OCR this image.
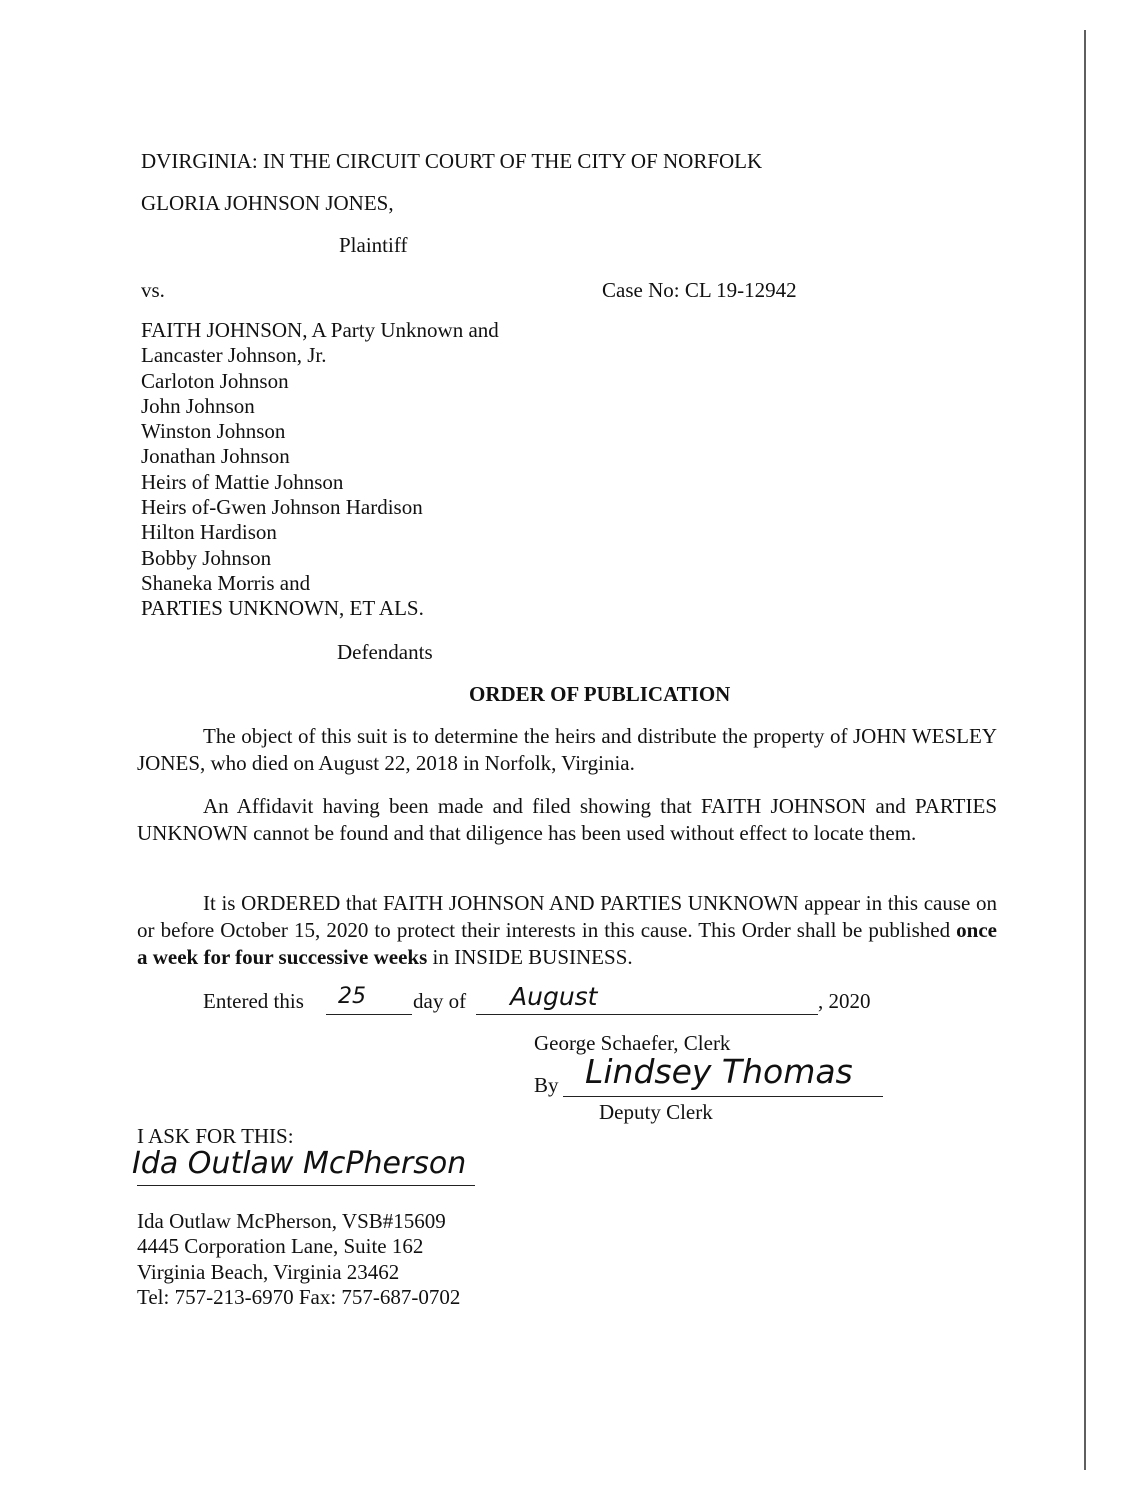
DVIRGINIA: IN THE CIRCUIT COURT OF THE CITY OF NORFOLK
GLORIA JOHNSON JONES,
Plaintiff
vs.	Case No: CL 19-12942
FAITH JOHNSON, A Party Unknown and
Lancaster Johnson, Jr.
Carloton Johnson
John Johnson
Winston Johnson
Jonathan Johnson
Heirs of Mattie Johnson
Heirs of-Gwen Johnson Hardison
Hilton Hardison
Bobby Johnson
Shaneka Morris and
PARTIES UNKNOWN, ET ALS.
Defendants
ORDER OF PUBLICATION
The object of this suit is to determine the heirs and distribute the property of JOHN WESLEY JONES, who died on August 22, 2018 in Norfolk, Virginia.
An Affidavit having been made and filed showing that FAITH JOHNSON and PARTIES UNKNOWN cannot be found and that diligence has been used without effect to locate them.
It is ORDERED that FAITH JOHNSON AND PARTIES UNKNOWN appear in this cause on or before October 15, 2020 to protect their interests in this cause. This Order shall be published once a week for four successive weeks in INSIDE BUSINESS.
Entered this 25 day of August	, 2020
George Schaefer, Clerk
By Lindsey Thomas
Deputy Clerk
I ASK FOR THIS:
Ida Outlaw McPherson
Ida Outlaw McPherson, VSB#15609
4445 Corporation Lane, Suite 162
Virginia Beach, Virginia 23462
Tel: 757-213-6970 Fax: 757-687-0702
